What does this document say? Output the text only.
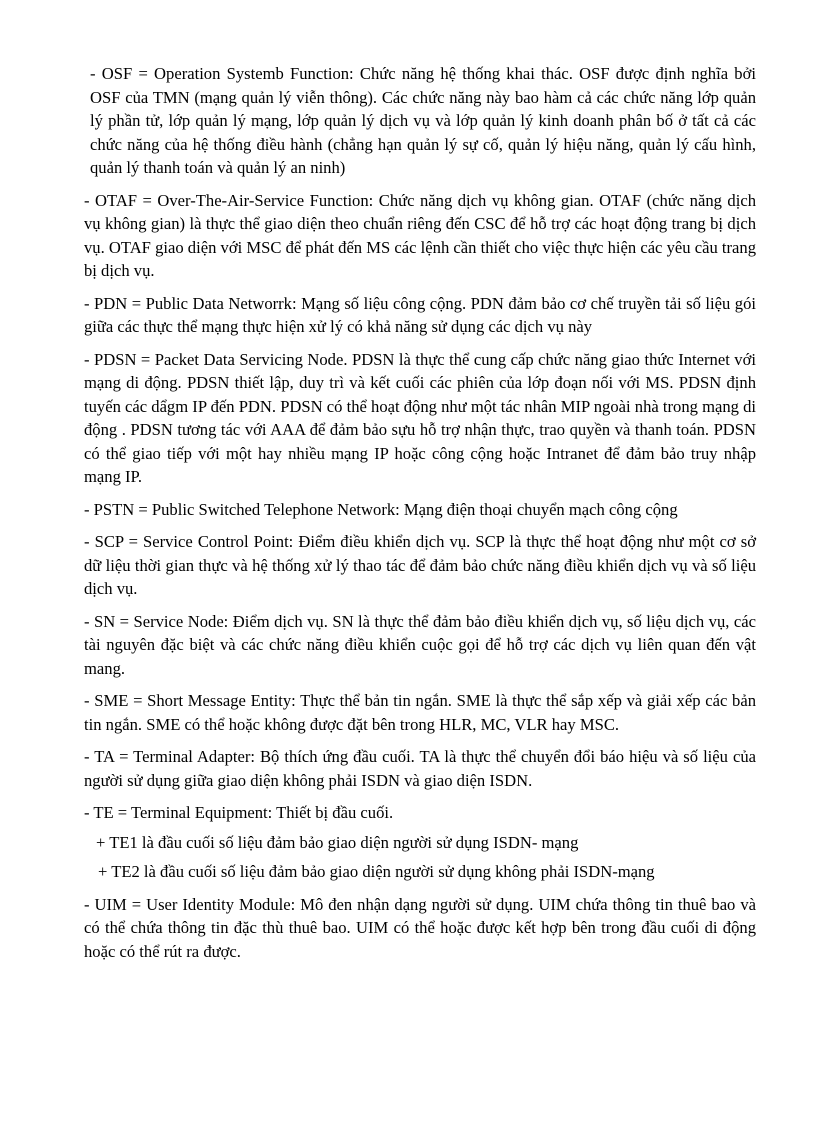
- OSF = Operation Systemb Function: Chức năng hệ thống khai thác. OSF được định nghĩa bởi OSF của TMN (mạng quản lý viễn thông). Các chức năng này bao hàm cả các chức năng lớp quản lý phần tử, lớp quản lý mạng, lớp quản lý dịch vụ và lớp quản lý kinh doanh phân bố ở tất cả các chức năng của hệ thống điều hành (chẳng hạn quản lý sự cố, quản lý hiệu năng, quản lý cấu hình, quản lý thanh toán và quản lý an ninh)

- OTAF = Over-The-Air-Service Function: Chức năng dịch vụ không gian. OTAF (chức năng dịch vụ không gian) là thực thể giao diện theo chuẩn riêng đến CSC để hỗ trợ các hoạt động trang bị dịch vụ. OTAF giao diện với MSC để phát đến MS các lệnh cần thiết cho việc thực hiện các yêu cầu trang bị dịch vụ.

- PDN = Public Data Networrk: Mạng số liệu công cộng. PDN đảm bảo cơ chế truyền tải số liệu gói giữa các thực thể mạng thực hiện xử lý có khả năng sử dụng các dịch vụ này

- PDSN = Packet Data Servicing Node. PDSN là thực thể cung cấp chức năng giao thức Internet với mạng di động. PDSN thiết lập, duy trì và kết cuối các phiên của lớp đoạn nối với MS. PDSN định tuyến các dẩgm IP đến PDN. PDSN có thể hoạt động như một tác nhân MIP ngoài nhà trong mạng di động . PDSN tương tác với AAA để đảm bảo sựu hỗ trợ nhận thực, trao quyền và thanh toán. PDSN có thể giao tiếp với một hay nhiều mạng IP hoặc công cộng hoặc Intranet để đảm bảo truy nhập mạng IP.

- PSTN = Public Switched Telephone Network: Mạng điện thoại chuyển mạch công cộng

- SCP = Service Control Point: Điểm điều khiển dịch vụ. SCP là thực thể hoạt động như một cơ sở dữ liệu thời gian thực và hệ thống xử lý thao tác để đảm bảo chức năng điều khiển dịch vụ và số liệu dịch vụ.

- SN = Service Node: Điểm dịch vụ. SN là thực thể đảm bảo điều khiển dịch vụ, số liệu dịch vụ, các tài nguyên đặc biệt và các chức năng điều khiển cuộc gọi để hỗ trợ các dịch vụ liên quan đến vật mang.

- SME = Short Message Entity: Thực thể bản tin ngắn. SME là thực thể sắp xếp và giải xếp các bản tin ngắn. SME có thể hoặc không được đặt bên trong HLR, MC, VLR hay MSC.

- TA = Terminal Adapter: Bộ thích ứng đầu cuối. TA là thực thể chuyển đổi báo hiệu và số liệu của người sử dụng giữa giao diện không phải ISDN và giao diện ISDN.

- TE = Terminal Equipment: Thiết bị đầu cuối.

+ TE1 là đầu cuối số liệu đảm bảo giao diện người sử dụng ISDN- mạng

+ TE2 là đầu cuối số liệu đảm bảo giao diện người sử dụng không phải ISDN-mạng

- UIM = User Identity Module: Mô đen nhận dạng người sử dụng. UIM chứa thông tin thuê bao và có thể chứa thông tin đặc thù thuê bao. UIM có thể hoặc được kết hợp bên trong đầu cuối di động hoặc có thể rút ra được.
